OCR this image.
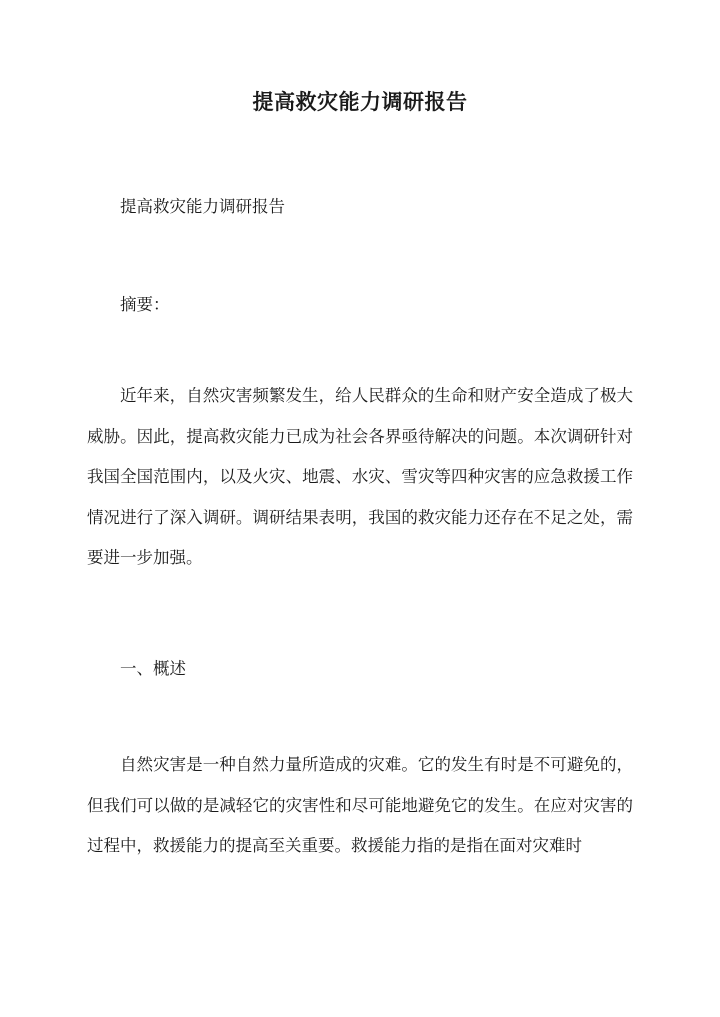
提高救灾能力调研报告

提高救灾能力调研报告

摘要：

近年来，自然灾害频繁发生，给人民群众的生命和财产安全造成了极大威胁。因此，提高救灾能力已成为社会各界亟待解决的问题。本次调研针对我国全国范围内，以及火灾、地震、水灾、雪灾等四种灾害的应急救援工作情况进行了深入调研。调研结果表明，我国的救灾能力还存在不足之处，需要进一步加强。

一、概述

自然灾害是一种自然力量所造成的灾难。它的发生有时是不可避免的，但我们可以做的是减轻它的灾害性和尽可能地避免它的发生。在应对灾害的过程中，救援能力的提高至关重要。救援能力指的是指在面对灾难时
